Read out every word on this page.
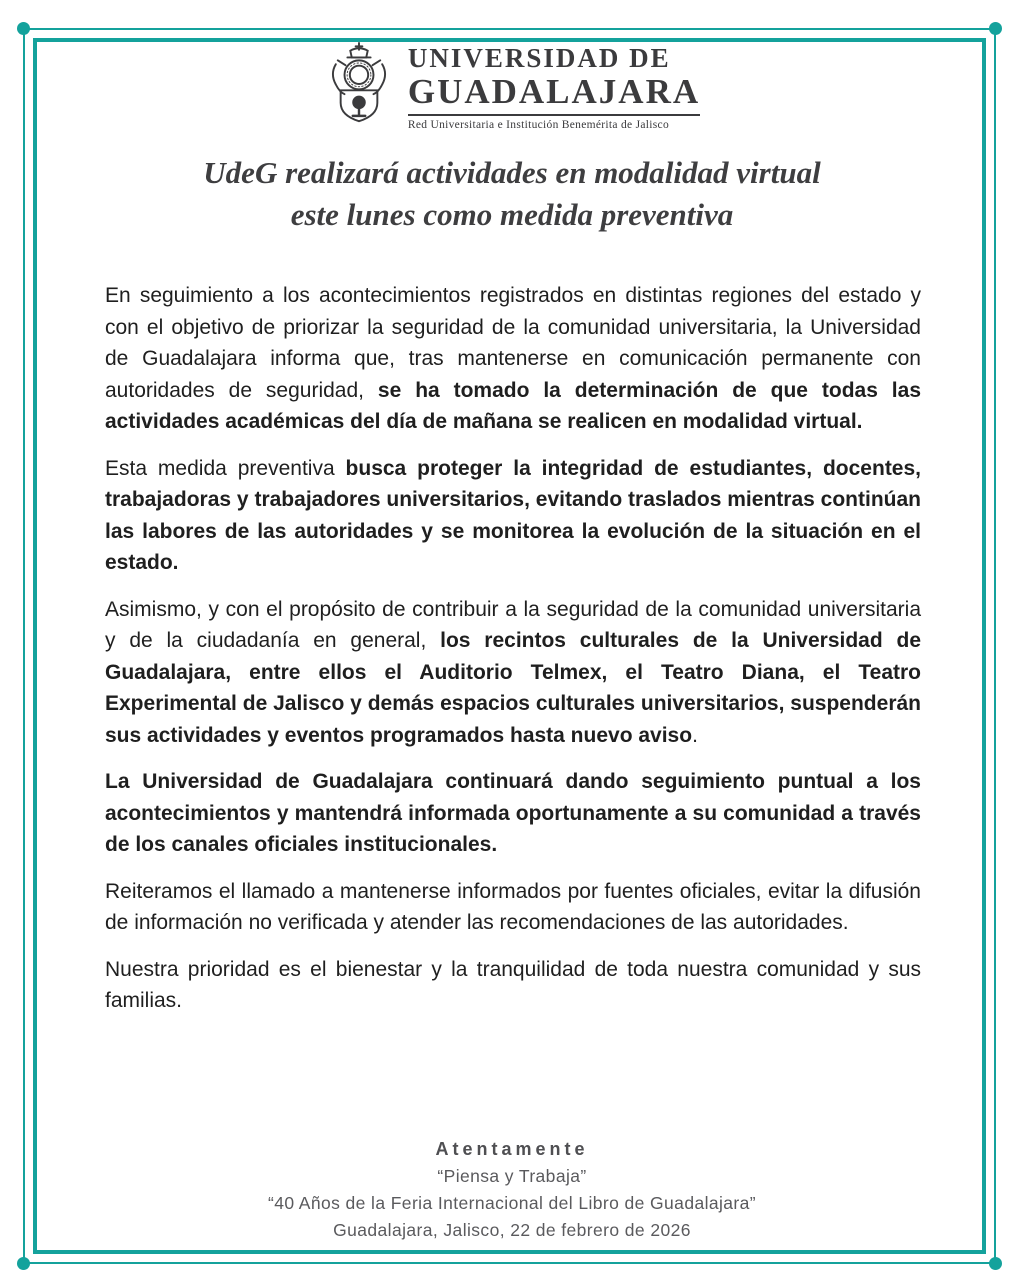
UNIVERSIDAD DE
GUADALAJARA
Red Universitaria e Institución Benemérita de Jalisco
UdeG realizará actividades en modalidad virtual
este lunes como medida preventiva

En seguimiento a los acontecimientos registrados en distintas regiones del estado y con el objetivo de priorizar la seguridad de la comunidad universitaria, la Universidad de Guadalajara informa que, tras mantenerse en comunicación permanente con autoridades de seguridad, se ha tomado la determinación de que todas las actividades académicas del día de mañana se realicen en modalidad virtual.

Esta medida preventiva busca proteger la integridad de estudiantes, docentes, trabajadoras y trabajadores universitarios, evitando traslados mientras continúan las labores de las autoridades y se monitorea la evolución de la situación en el estado.

Asimismo, y con el propósito de contribuir a la seguridad de la comunidad universitaria y de la ciudadanía en general, los recintos culturales de la Universidad de Guadalajara, entre ellos el Auditorio Telmex, el Teatro Diana, el Teatro Experimental de Jalisco y demás espacios culturales universitarios, suspenderán sus actividades y eventos programados hasta nuevo aviso.

La Universidad de Guadalajara continuará dando seguimiento puntual a los acontecimientos y mantendrá informada oportunamente a su comunidad a través de los canales oficiales institucionales.

Reiteramos el llamado a mantenerse informados por fuentes oficiales, evitar la difusión de información no verificada y atender las recomendaciones de las autoridades.

Nuestra prioridad es el bienestar y la tranquilidad de toda nuestra comunidad y sus familias.

Atentamente
“Piensa y Trabaja”
“40 Años de la Feria Internacional del Libro de Guadalajara”
Guadalajara, Jalisco, 22 de febrero de 2026
